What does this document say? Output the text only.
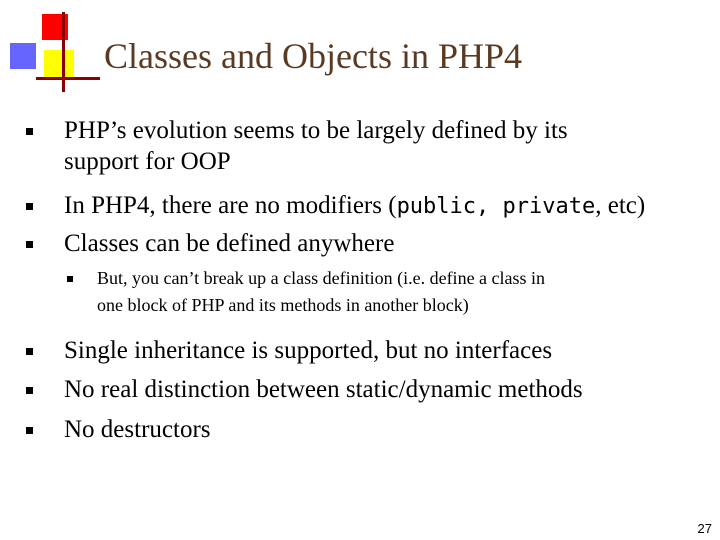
Classes and Objects in PHP4
PHP’s evolution seems to be largely defined by its
support for OOP
In PHP4, there are no modifiers (public, private, etc)
Classes can be defined anywhere
But, you can’t break up a class definition (i.e. define a class in
one block of PHP and its methods in another block)
Single inheritance is supported, but no interfaces
No real distinction between static/dynamic methods
No destructors
27
